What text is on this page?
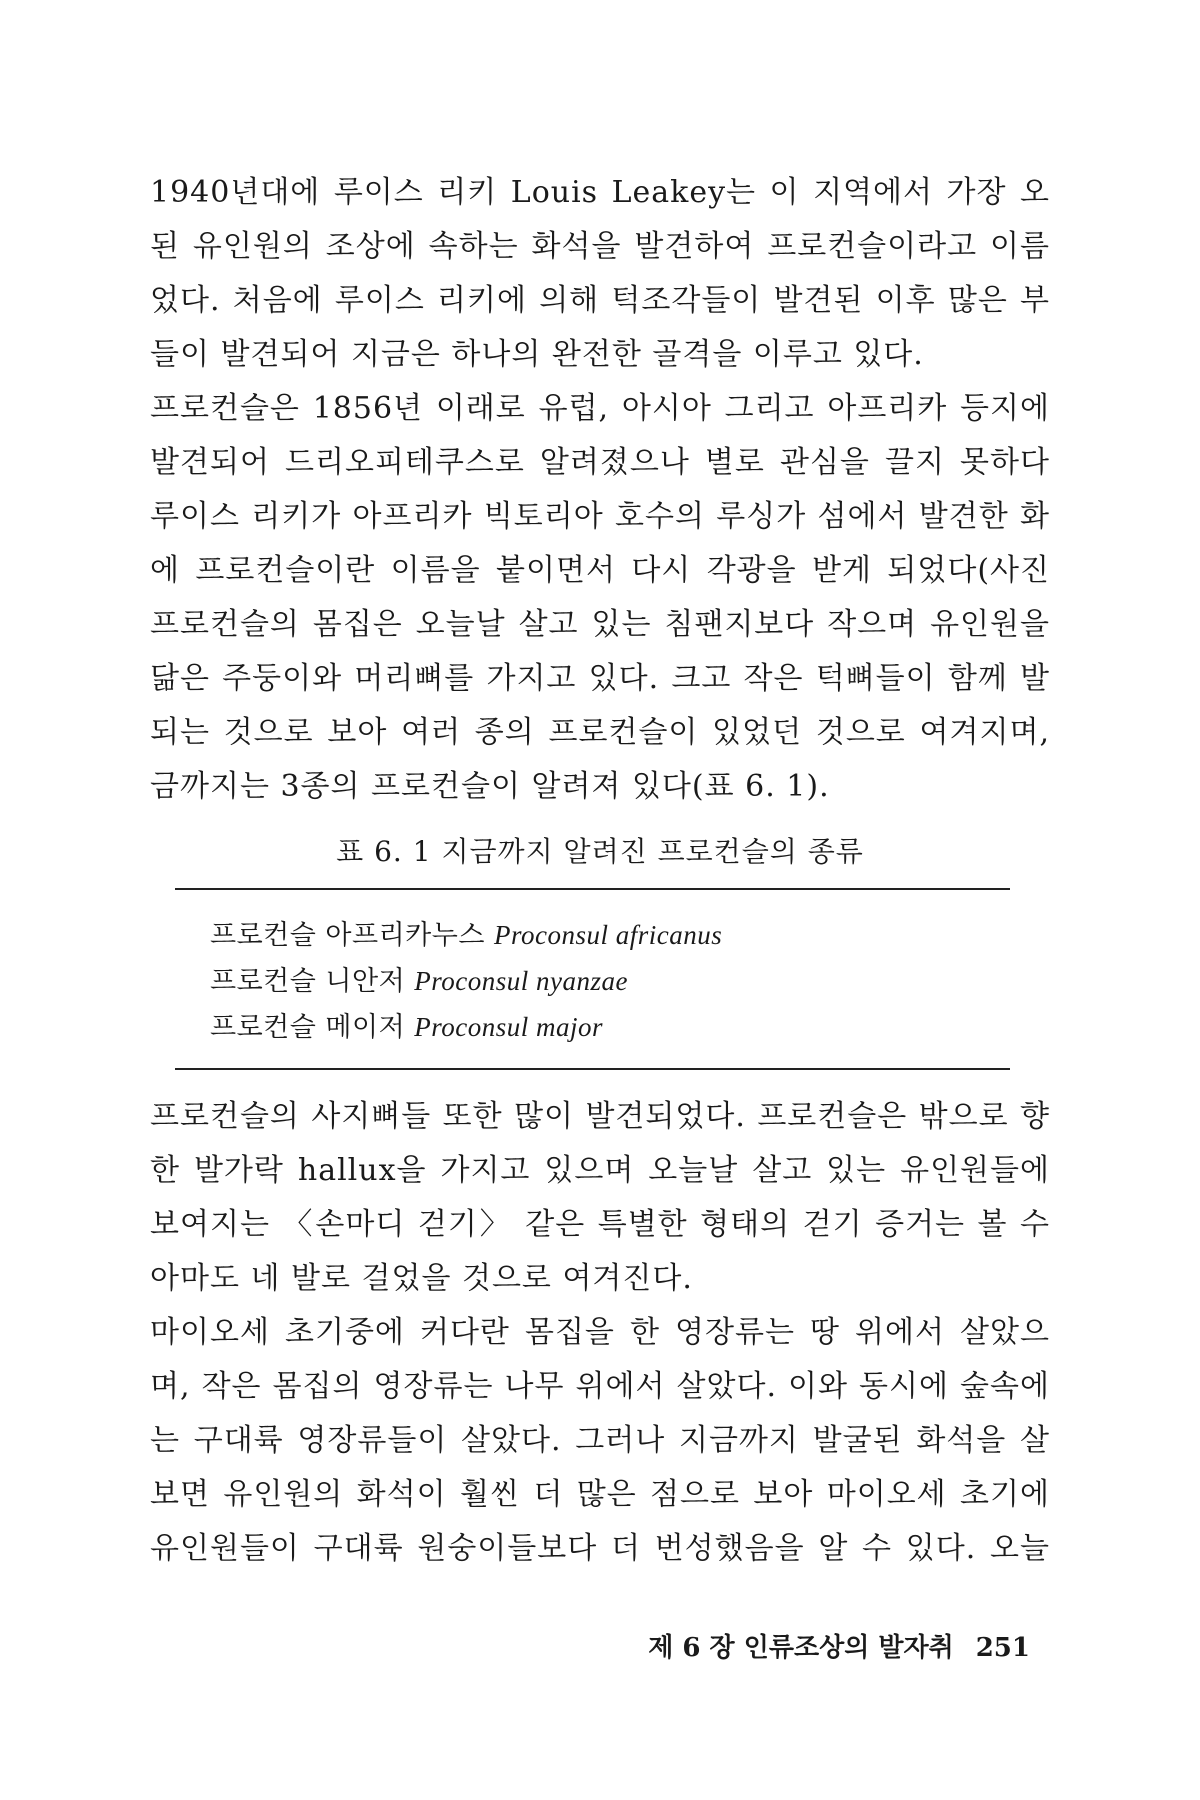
1940년대에 루이스 리키 Louis Leakey는 이 지역에서 가장 오
된 유인원의 조상에 속하는 화석을 발견하여 프로컨슬이라고 이름
었다. 처음에 루이스 리키에 의해 턱조각들이 발견된 이후 많은 부
들이 발견되어 지금은 하나의 완전한 골격을 이루고 있다.
프로컨슬은 1856년 이래로 유럽, 아시아 그리고 아프리카 등지에
발견되어 드리오피테쿠스로 알려졌으나 별로 관심을 끌지 못하다
루이스 리키가 아프리카 빅토리아 호수의 루싱가 섬에서 발견한 화
에 프로컨슬이란 이름을 붙이면서 다시 각광을 받게 되었다(사진
프로컨슬의 몸집은 오늘날 살고 있는 침팬지보다 작으며 유인원을
닮은 주둥이와 머리뼈를 가지고 있다. 크고 작은 턱뼈들이 함께 발
되는 것으로 보아 여러 종의 프로컨슬이 있었던 것으로 여겨지며,
금까지는 3종의 프로컨슬이 알려져 있다(표 6. 1).
표 6. 1 지금까지 알려진 프로컨슬의 종류
프로컨슬 아프리카누스 Proconsul africanus
프로컨슬 니안저 Proconsul nyanzae
프로컨슬 메이저 Proconsul major
프로컨슬의 사지뼈들 또한 많이 발견되었다. 프로컨슬은 밖으로 향
한 발가락 hallux을 가지고 있으며 오늘날 살고 있는 유인원들에
보여지는 〈손마디 걷기〉 같은 특별한 형태의 걷기 증거는 볼 수
아마도 네 발로 걸었을 것으로 여겨진다.
마이오세 초기중에 커다란 몸집을 한 영장류는 땅 위에서 살았으
며, 작은 몸집의 영장류는 나무 위에서 살았다. 이와 동시에 숲속에
는 구대륙 영장류들이 살았다. 그러나 지금까지 발굴된 화석을 살
보면 유인원의 화석이 훨씬 더 많은 점으로 보아 마이오세 초기에
유인원들이 구대륙 원숭이들보다 더 번성했음을 알 수 있다. 오늘
제 6 장 인류조상의 발자취 251
